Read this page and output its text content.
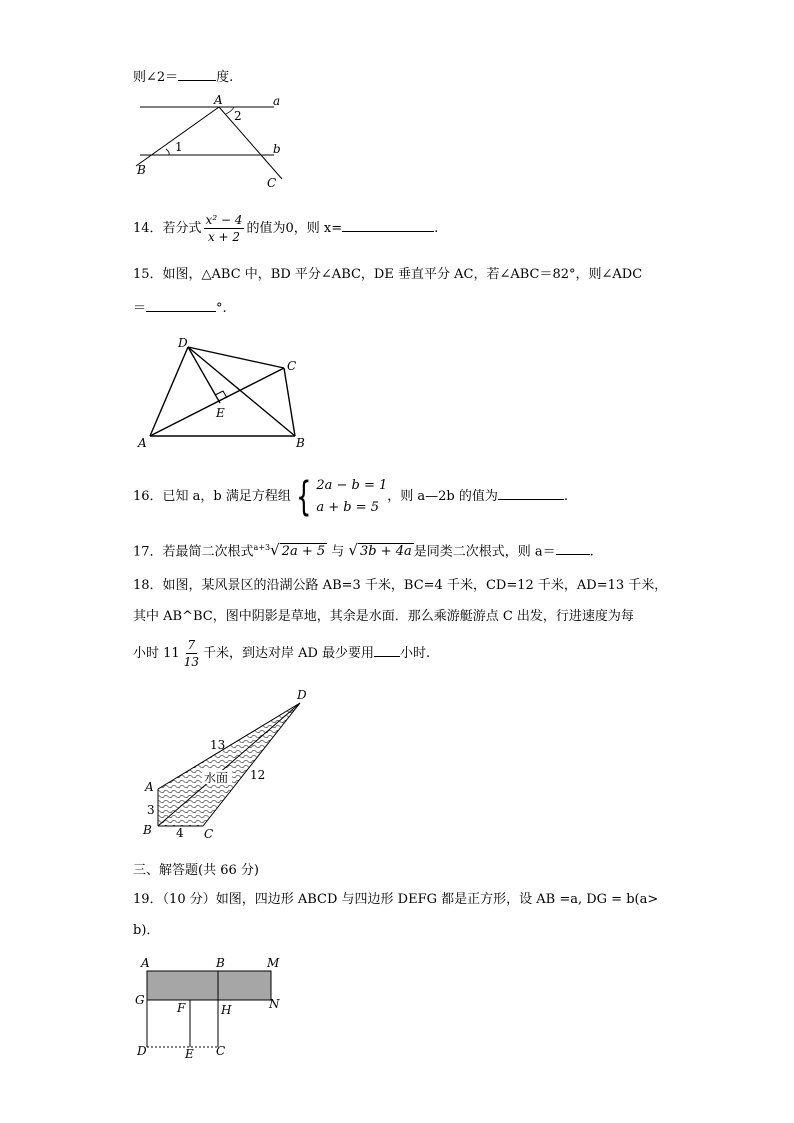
则∠2＝	度.
A	a
2
1	b
B
C
14．若分式 $\frac{\text{x² − 4}}{x + 2}$ 的值为0，则 x=	.
15．如图，△ABC 中，BD 平分∠ABC，DE 垂直平分 AC，若∠ABC＝82°，则∠ADC
＝	°.
D
C
E
A	B
16．已知 a，b 满足方程组 { 2a − b = 1
a + b = 5
，则 a—2b 的值为	.
17．若最简二次根式$^{a+3}$√ 2a + 5 与 √ 3b + 4a 是同类二次根式，则 a＝	.
18．如图，某风景区的沿湖公路 AB=3 千米，BC=4 千米，CD=12 千米，AD=13 千米，
其中 AB^BC，图中阴影是草地，其余是水面．那么乘游艇游点 C 出发，行进速度为每
小时 $11 \frac{7}{13}$ 千米，到达对岸 AD 最少要用 小时.
D
13
12
水面
A
3
B 4 C
三、解答题(共 66 分)
19．（10 分）如图，四边形 ABCD 与四边形 DEFG 都是正方形，设 AB =a, DG = b(a>
b)．
A	B	M
G	N
F	H
D	E C
